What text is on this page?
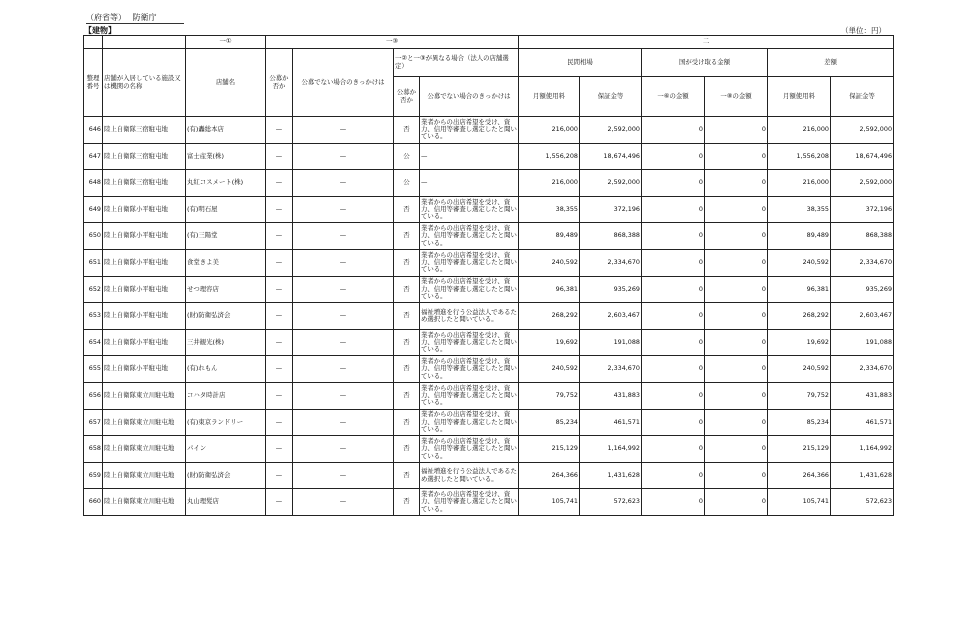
（府省等） 防衛庁
【建物】	（単位：円）
		一①	一③				二					
整理番号	店舗が入居している施設又は機関の名称	店舗名	公募か否か	公募でない場合のきっかけは	一②と一③が異なる場合（法人の店舗選定）		民間相場		国が受け取る金額		差額	
					公募か否か	公募でない場合のきっかけは	月額使用料	保証金等	一⑥の金額	一⑧の金額	月額使用料	保証金等
646	陸上自衛隊三宿駐屯地	(有)轟総本店	—	—	否	業者からの出店希望を受け、資力、信用等審査し選定したと聞いている。	216,000	2,592,000	0	0	216,000	2,592,000
647	陸上自衛隊三宿駐屯地	富士産業(株)	—	—	公	—	1,556,208	18,674,496	0	0	1,556,208	18,674,496
648	陸上自衛隊三宿駐屯地	丸紅コスメート(株)	—	—	公	—	216,000	2,592,000	0	0	216,000	2,592,000
649	陸上自衛隊小平駐屯地	(有)明石屋	—	—	否	業者からの出店希望を受け、資力、信用等審査し選定したと聞いている。	38,355	372,196	0	0	38,355	372,196
650	陸上自衛隊小平駐屯地	(有)三陽堂	—	—	否	業者からの出店希望を受け、資力、信用等審査し選定したと聞いている。	89,489	868,388	0	0	89,489	868,388
651	陸上自衛隊小平駐屯地	食堂きよ美	—	—	否	業者からの出店希望を受け、資力、信用等審査し選定したと聞いている。	240,592	2,334,670	0	0	240,592	2,334,670
652	陸上自衛隊小平駐屯地	せつ理容店	—	—	否	業者からの出店希望を受け、資力、信用等審査し選定したと聞いている。	96,381	935,269	0	0	96,381	935,269
653	陸上自衛隊小平駐屯地	(財)防衛弘済会	—	—	否	福祉増進を行う公益法人であるため選択したと聞いている。	268,292	2,603,467	0	0	268,292	2,603,467
654	陸上自衛隊小平駐屯地	三井観光(株)	—	—	否	業者からの出店希望を受け、資力、信用等審査し選定したと聞いている。	19,692	191,088	0	0	19,692	191,088
655	陸上自衛隊小平駐屯地	(有)れもん	—	—	否	業者からの出店希望を受け、資力、信用等審査し選定したと聞いている。	240,592	2,334,670	0	0	240,592	2,334,670
656	陸上自衛隊東立川駐屯地	コハタ時計店	—	—	否	業者からの出店希望を受け、資力、信用等審査し選定したと聞いている。	79,752	431,883	0	0	79,752	431,883
657	陸上自衛隊東立川駐屯地	(有)東京ランドリー	—	—	否	業者からの出店希望を受け、資力、信用等審査し選定したと聞いている。	85,234	461,571	0	0	85,234	461,571
658	陸上自衛隊東立川駐屯地	パイン	—	—	否	業者からの出店希望を受け、資力、信用等審査し選定したと聞いている。	215,129	1,164,992	0	0	215,129	1,164,992
659	陸上自衛隊東立川駐屯地	(財)防衛弘済会	—	—	否	福祉増進を行う公益法人であるため選択したと聞いている。	264,366	1,431,628	0	0	264,366	1,431,628
660	陸上自衛隊東立川駐屯地	丸山理髪店	—	—	否	業者からの出店希望を受け、資力、信用等審査し選定したと聞いている。	105,741	572,623	0	0	105,741	572,623
